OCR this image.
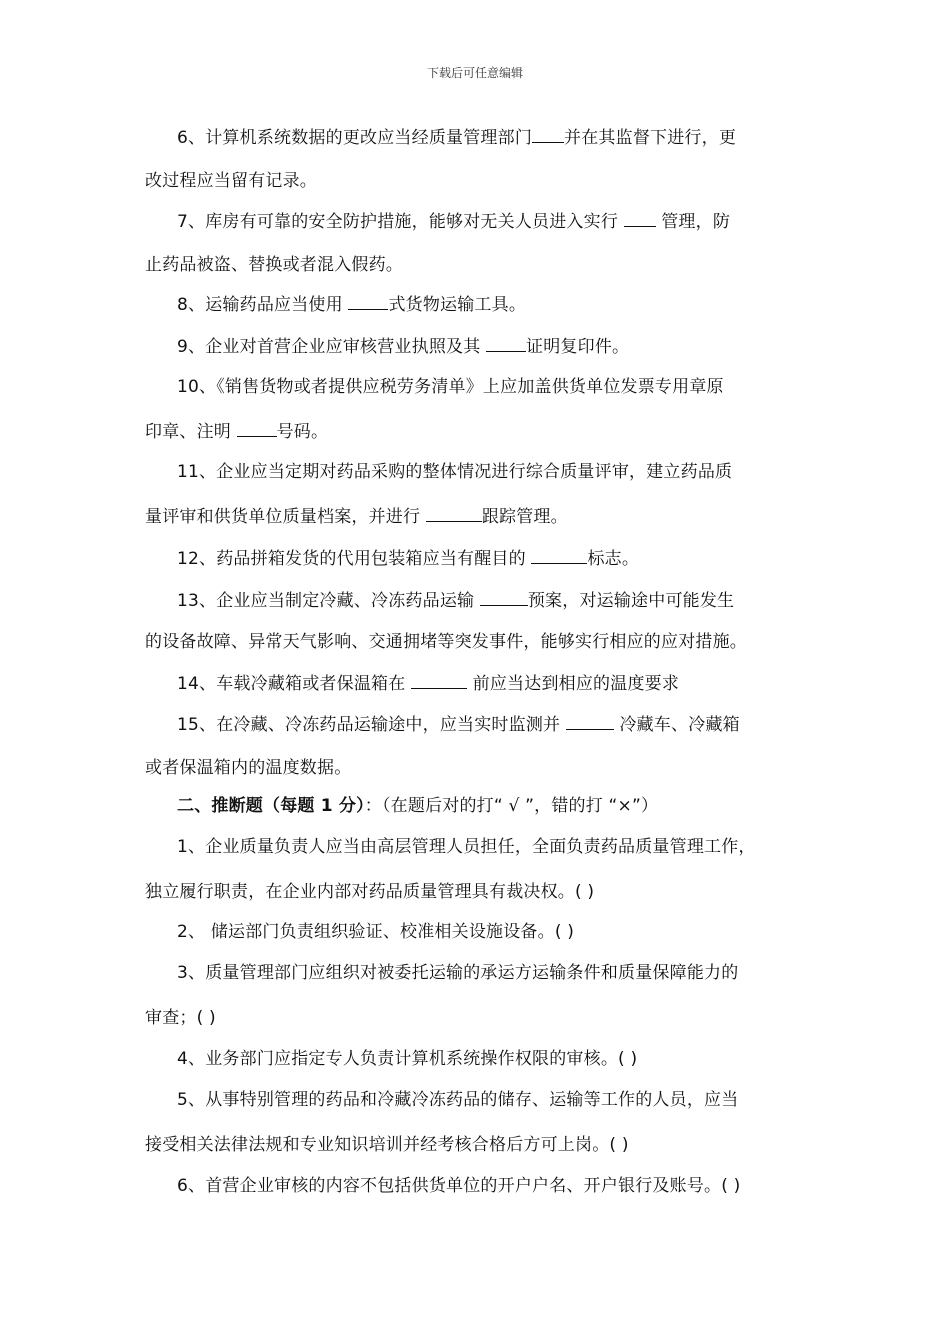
下载后可任意编辑
6、计算机系统数据的更改应当经质量管理部门 并在其监督下进行，更
改过程应当留有记录。
7、库房有可靠的安全防护措施，能够对无关人员进入实行	管理，防
止药品被盗、替换或者混入假药。
8、运输药品应当使用	式货物运输工具。
9、企业对首营企业应审核营业执照及其	证明复印件。
10、《销售货物或者提供应税劳务清单》上应加盖供货单位发票专用章原
印章、注明	号码。
11、企业应当定期对药品采购的整体情况进行综合质量评审，建立药品质
量评审和供货单位质量档案，并进行	跟踪管理。
12、药品拼箱发货的代用包装箱应当有醒目的	标志。
13、企业应当制定冷藏、冷冻药品运输	预案，对运输途中可能发生
的设备故障、异常天气影响、交通拥堵等突发事件，能够实行相应的应对措施。
14、车载冷藏箱或者保温箱在	前应当达到相应的温度要求
15、在冷藏、冷冻药品运输途中，应当实时监测并	冷藏车、冷藏箱
或者保温箱内的温度数据。
二、推断题（每题 1 分）：（在题后对的打“ √ ”，错的打 “×”）
1、企业质量负责人应当由高层管理人员担任，全面负责药品质量管理工作，
独立履行职责，在企业内部对药品质量管理具有裁决权。( )
2、 储运部门负责组织验证、校准相关设施设备。( )
3、质量管理部门应组织对被委托运输的承运方运输条件和质量保障能力的
审查；( )
4、业务部门应指定专人负责计算机系统操作权限的审核。( )
5、从事特别管理的药品和冷藏冷冻药品的储存、运输等工作的人员，应当
接受相关法律法规和专业知识培训并经考核合格后方可上岗。( )
6、首营企业审核的内容不包括供货单位的开户户名、开户银行及账号。( )
